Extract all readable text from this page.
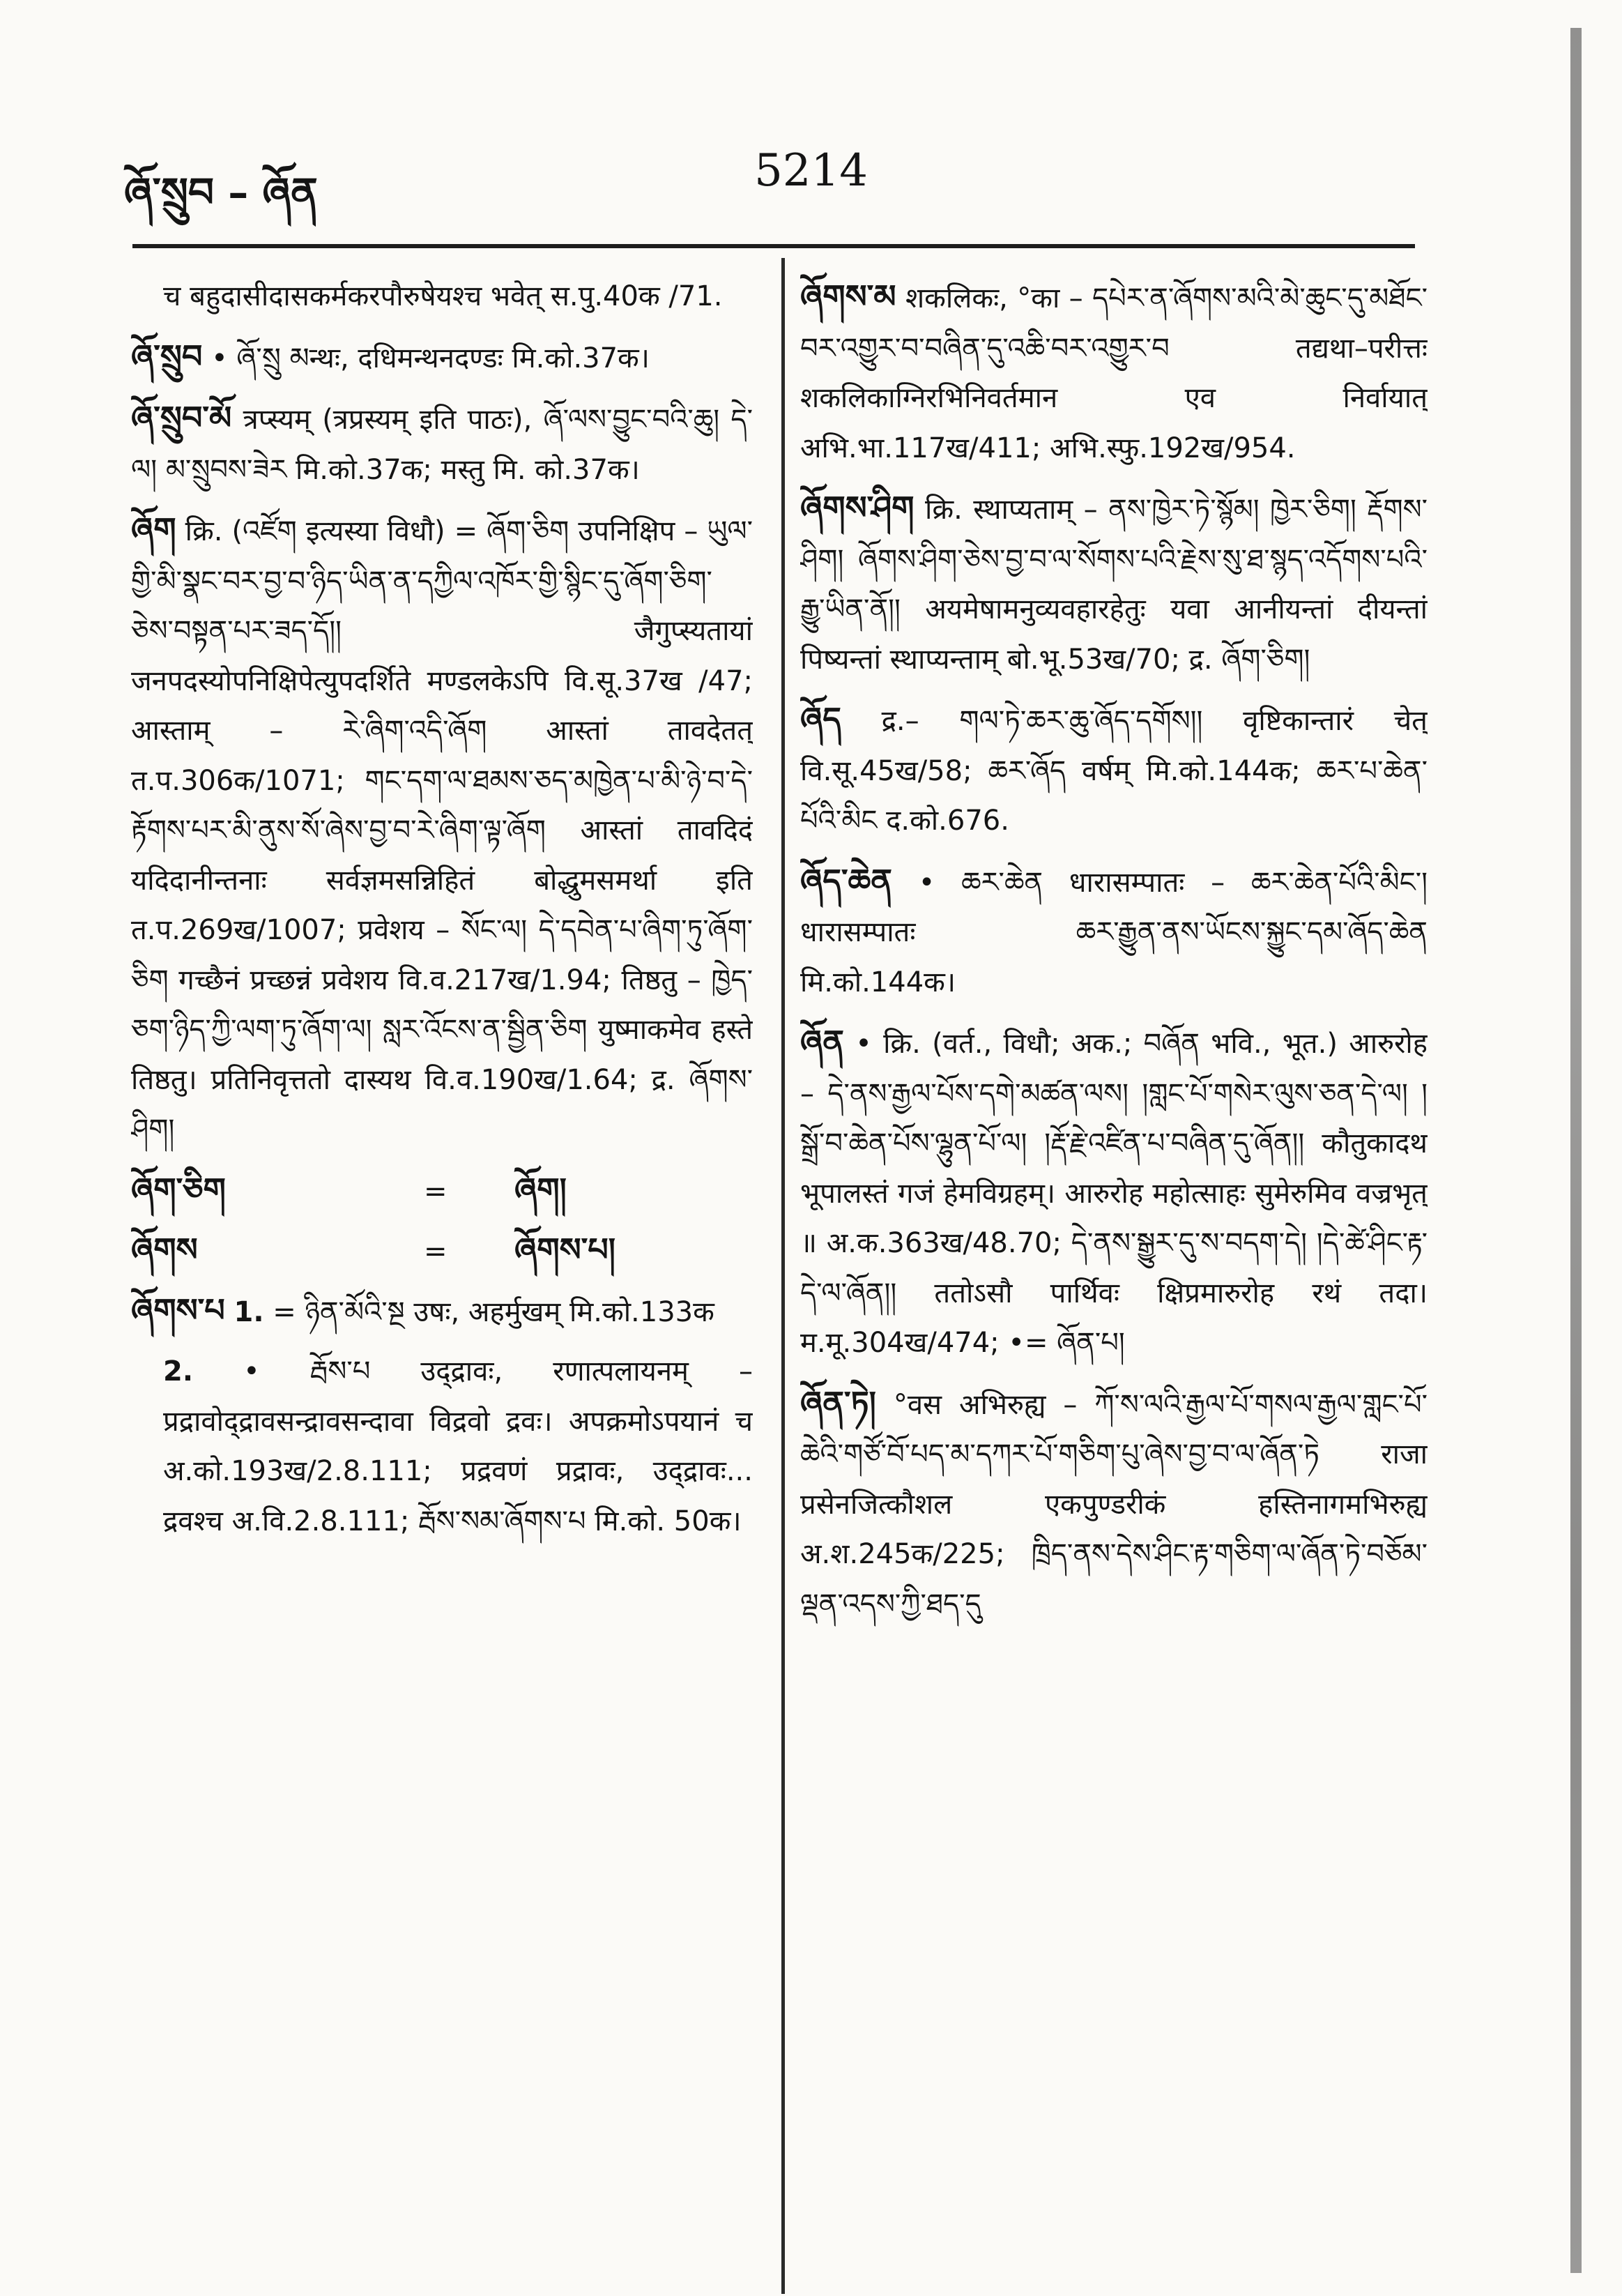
ཞོ་སྲུབ – ཞོན	5214

च बहुदासीदासकर्मकरपौरुषेयश्च भवेत् स.पु.40क /71.

ཞོ་སྲུབ • ཞོ་སྲུ མन्थः, दधिमन्थनदण्डः मि.को.37क।

ཞོ་སྲུབ་མོ त्रप्स्यम् (त्रप्रस्यम् इति पाठः), ཞོ་ལས་བྱུང་བའི་ཆུ། དེ་ལ། མ་སྲུབས་ཟེར मि.को.37क; मस्तु मि. को.37क।

ཞོག क्रि. (འཛོག इत्यस्या विधौ) = ཞོག་ཅིག उपनिक्षिप – ཡུལ་གྱི་མི་སྣང་བར་བྱ་བ་ཉིད་ཡིན་ན་དཀྱིལ་འཁོར་གྱི་སྙིང་དུ་ཞོག་ཅིག་ཅེས་བསྟན་པར་ཟད་དོ།། जैगुप्स्यतायां जनपदस्योपनिक्षिपेत्युपदर्शिते मण्डलकेऽपि वि.सू.37ख /47; आस्ताम् – རེ་ཞིག་འདི་ཞོག आस्तां तावदेतत् त.प.306क/1071; གང་དག་ལ་ཐམས་ཅད་མཁྱེན་པ་མི་ཉེ་བ་དེ་རྟོགས་པར་མི་ནུས་སོ་ཞེས་བྱ་བ་རེ་ཞིག་ལྟ་ཞོག आस्तां तावदिदं यदिदानीन्तनाः सर्वज्ञमसन्निहितं बोद्धुमसमर्था इति त.प.269ख/1007; प्रवेशय – སོང་ལ། དེ་དབེན་པ་ཞིག་ཏུ་ཞོག་ཅིག गच्छैनं प्रच्छन्नं प्रवेशय वि.व.217ख/1.94; तिष्ठतु – ཁྱེད་ཅག་ཉིད་ཀྱི་ལག་ཏུ་ཞོག་ལ། སླར་འོངས་ན་སྦྱིན་ཅིག युष्माकमेव हस्ते तिष्ठतु। प्रतिनिवृत्ततो दास्यथ वि.व.190ख/1.64; द्र. ཞོགས་ཤིག།

ཞོག་ཅིག	=	ཞོག།
ཞོགས	=	ཞོགས་པ།

ཞོགས་པ 1. = ཉིན་མོའི་སྔ उषः, अहर्मुखम् मि.को.133क

2. • རྦོས་པ उद्द्रावः, रणात्पलायनम् – प्रद्रावोद्द्रावसन्द्रावसन्दावा विद्रवो द्रवः। अपक्रमोऽपयानं च अ.को.193ख/2.8.111; प्रद्रवणं प्रद्रावः, उद्द्रावः... द्रवश्च अ.वि.2.8.111; རྦོས་སམ་ཞོགས་པ मि.को. 50क।

ཞོགས་མ शकलिकः, °का – དཔེར་ན་ཞོགས་མའི་མེ་ཆུང་དུ་མཐོང་བར་འགྱུར་བ་བཞིན་དུ་འཆི་བར་འགྱུར་བ तद्यथा–परीत्तः शकलिकाग्निरभिनिवर्तमान एव निर्वायात् अभि.भा.117ख/411; अभि.स्फु.192ख/954.

ཞོགས་ཤིག क्रि. स्थाप्यताम् – ནས་ཁྱེར་ཏེ་སྙོམ། ཁྱེར་ཅིག། རྡོགས་ཤིག། ཞོགས་ཤིག་ཅེས་བྱ་བ་ལ་སོགས་པའི་རྗེས་སུ་ཐ་སྙད་འདོགས་པའི་རྒྱུ་ཡིན་ནོ།། अयमेषामनुव्यवहारहेतुः यवा आनीयन्तां दीयन्तां पिष्यन्तां स्थाप्यन्ताम् बो.भू.53ख/70; द्र. ཞོག་ཅིག།

ཞོད द्र.– གལ་ཏེ་ཆར་ཆུ་ཞོད་དགོས།། वृष्टिकान्तारं चेत् वि.सू.45ख/58; ཆར་ཞོད वर्षम् मि.को.144क; ཆར་པ་ཆེན་པོའི་མིང द.को.676.

ཞོད་ཆེན • ཆར་ཆེན धारासम्पातः – ཆར་ཆེན་པོའི་མིང་། धारासम्पातः ཆར་རྒྱུན་ནས་ཡོངས་སྐྱུང་དམ་ཞོད་ཆེན मि.को.144क।

ཞོན • क्रि. (वर्त., विधौ; अक.; བཞོན भवि., भूत.) आरुरोह – དེ་ནས་རྒྱལ་པོས་དགེ་མཚན་ལས། །གླང་པོ་གསེར་ལུས་ཅན་དེ་ལ། །སྒྲོ་བ་ཆེན་པོས་ལྷུན་པོ་ལ། །རྡོ་རྗེ་འཛིན་པ་བཞིན་དུ་ཞོན།། कौतुकादथ भूपालस्तं गजं हेमविग्रहम्। आरुरोह महोत्साहः सुमेरुमिव वज्रभृत् ॥ अ.क.363ख/48.70; དེ་ནས་སྒྱུར་དུ་ས་བདག་དེ། །དེ་ཚེ་ཤིང་རྟ་དེ་ལ་ཞོན།། ततोऽसौ पार्थिवः क्षिप्रमारुरोह रथं तदा। म.मू.304ख/474; •= ཞོན་པ།

ཞོན་ཏེ། °वस अभिरुह्य – ཀོ་ས་ལའི་རྒྱལ་པོ་གསལ་རྒྱལ་གླང་པོ་ཆེའི་གཙོ་བོ་པད་མ་དཀར་པོ་གཅིག་པུ་ཞེས་བྱ་བ་ལ་ཞོན་ཏེ राजा प्रसेनजित्कौशल एकपुण्डरीकं हस्तिनागमभिरुह्य अ.श.245क/225; ཁྲིད་ནས་དེས་ཤིང་རྟ་གཅིག་ལ་ཞོན་ཏེ་བཅོམ་ལྡན་འདས་ཀྱི་ཐད་དུ
